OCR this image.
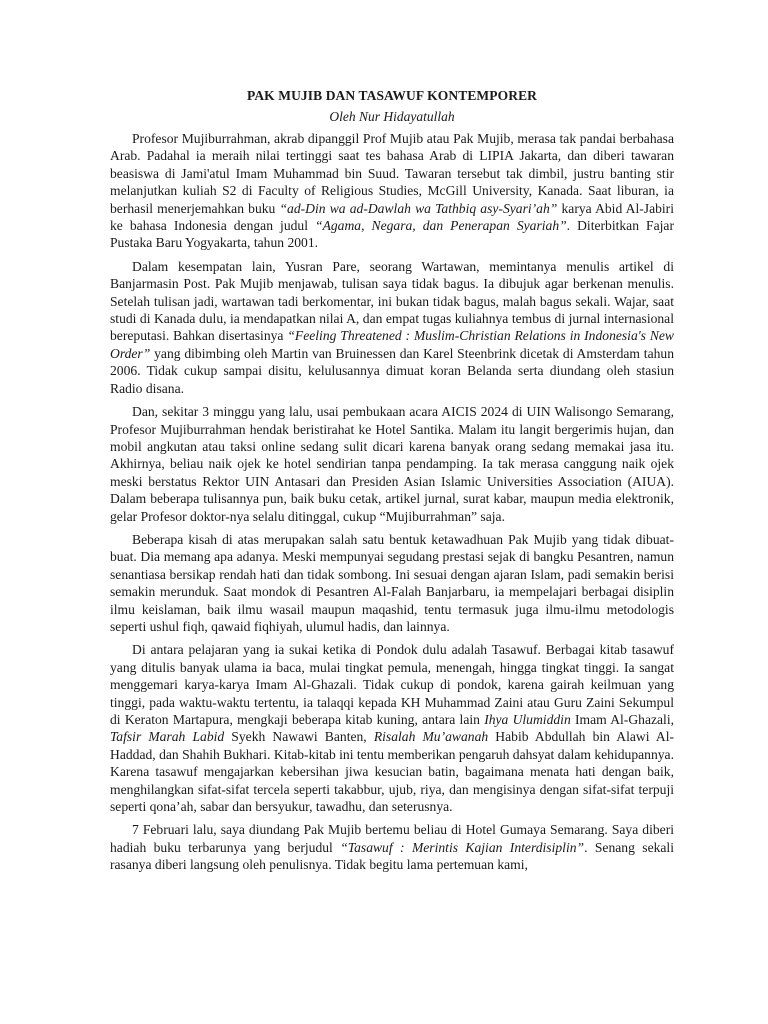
PAK MUJIB DAN TASAWUF KONTEMPORER
Oleh Nur Hidayatullah

Profesor Mujiburrahman, akrab dipanggil Prof Mujib atau Pak Mujib, merasa tak pandai berbahasa Arab. Padahal ia meraih nilai tertinggi saat tes bahasa Arab di LIPIA Jakarta, dan diberi tawaran beasiswa di Jami'atul Imam Muhammad bin Suud. Tawaran tersebut tak dimbil, justru banting stir melanjutkan kuliah S2 di Faculty of Religious Studies, McGill University, Kanada. Saat liburan, ia berhasil menerjemahkan buku “ad-Din wa ad-Dawlah wa Tathbiq asy-Syari’ah” karya Abid Al-Jabiri ke bahasa Indonesia dengan judul “Agama, Negara, dan Penerapan Syariah”. Diterbitkan Fajar Pustaka Baru Yogyakarta, tahun 2001.

Dalam kesempatan lain, Yusran Pare, seorang Wartawan, memintanya menulis artikel di Banjarmasin Post. Pak Mujib menjawab, tulisan saya tidak bagus. Ia dibujuk agar berkenan menulis. Setelah tulisan jadi, wartawan tadi berkomentar, ini bukan tidak bagus, malah bagus sekali. Wajar, saat studi di Kanada dulu, ia mendapatkan nilai A, dan empat tugas kuliahnya tembus di jurnal internasional bereputasi. Bahkan disertasinya “Feeling Threatened : Muslim-Christian Relations in Indonesia's New Order” yang dibimbing oleh Martin van Bruinessen dan Karel Steenbrink dicetak di Amsterdam tahun 2006. Tidak cukup sampai disitu, kelulusannya dimuat koran Belanda serta diundang oleh stasiun Radio disana.

Dan, sekitar 3 minggu yang lalu, usai pembukaan acara AICIS 2024 di UIN Walisongo Semarang, Profesor Mujiburrahman hendak beristirahat ke Hotel Santika. Malam itu langit bergerimis hujan, dan mobil angkutan atau taksi online sedang sulit dicari karena banyak orang sedang memakai jasa itu. Akhirnya, beliau naik ojek ke hotel sendirian tanpa pendamping. Ia tak merasa canggung naik ojek meski berstatus Rektor UIN Antasari dan Presiden Asian Islamic Universities Association (AIUA). Dalam beberapa tulisannya pun, baik buku cetak, artikel jurnal, surat kabar, maupun media elektronik, gelar Profesor doktor-nya selalu ditinggal, cukup “Mujiburrahman” saja.

Beberapa kisah di atas merupakan salah satu bentuk ketawadhuan Pak Mujib yang tidak dibuat-buat. Dia memang apa adanya. Meski mempunyai segudang prestasi sejak di bangku Pesantren, namun senantiasa bersikap rendah hati dan tidak sombong. Ini sesuai dengan ajaran Islam, padi semakin berisi semakin merunduk. Saat mondok di Pesantren Al-Falah Banjarbaru, ia mempelajari berbagai disiplin ilmu keislaman, baik ilmu wasail maupun maqashid, tentu termasuk juga ilmu-ilmu metodologis seperti ushul fiqh, qawaid fiqhiyah, ulumul hadis, dan lainnya.

Di antara pelajaran yang ia sukai ketika di Pondok dulu adalah Tasawuf. Berbagai kitab tasawuf yang ditulis banyak ulama ia baca, mulai tingkat pemula, menengah, hingga tingkat tinggi. Ia sangat menggemari karya-karya Imam Al-Ghazali. Tidak cukup di pondok, karena gairah keilmuan yang tinggi, pada waktu-waktu tertentu, ia talaqqi kepada KH Muhammad Zaini atau Guru Zaini Sekumpul di Keraton Martapura, mengkaji beberapa kitab kuning, antara lain Ihya Ulumiddin Imam Al-Ghazali, Tafsir Marah Labid Syekh Nawawi Banten, Risalah Mu’awanah Habib Abdullah bin Alawi Al-Haddad, dan Shahih Bukhari. Kitab-kitab ini tentu memberikan pengaruh dahsyat dalam kehidupannya. Karena tasawuf mengajarkan kebersihan jiwa kesucian batin, bagaimana menata hati dengan baik, menghilangkan sifat-sifat tercela seperti takabbur, ujub, riya, dan mengisinya dengan sifat-sifat terpuji seperti qona’ah, sabar dan bersyukur, tawadhu, dan seterusnya.

7 Februari lalu, saya diundang Pak Mujib bertemu beliau di Hotel Gumaya Semarang. Saya diberi hadiah buku terbarunya yang berjudul “Tasawuf : Merintis Kajian Interdisiplin”. Senang sekali rasanya diberi langsung oleh penulisnya. Tidak begitu lama pertemuan kami,
